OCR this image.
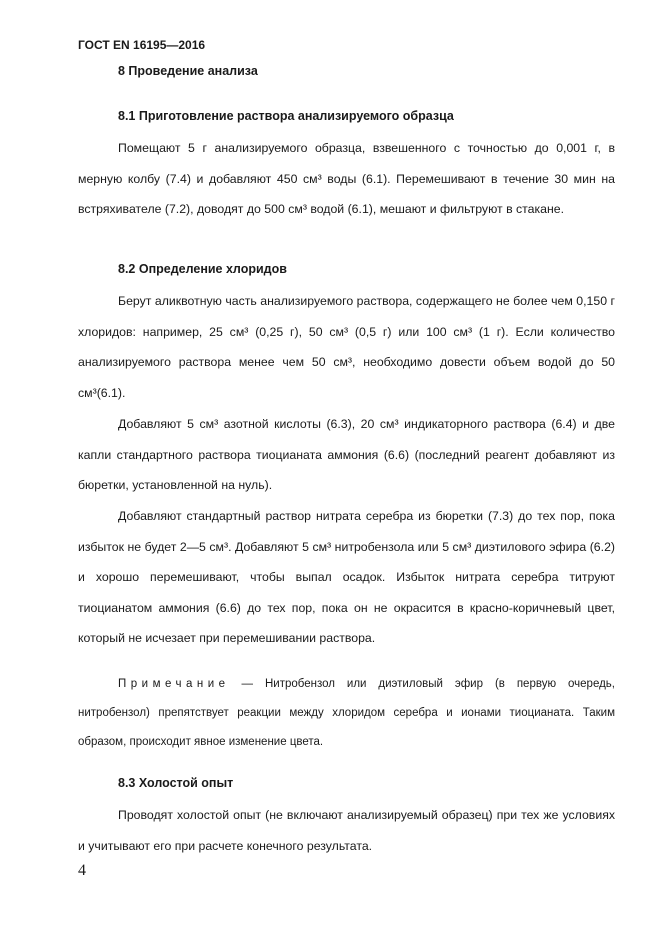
ГОСТ EN 16195—2016
8 Проведение анализа
8.1 Приготовление раствора анализируемого образца

Помещают 5 г анализируемого образца, взвешенного с точностью до 0,001 г, в мерную колбу (7.4) и добавляют 450 см³ воды (6.1). Перемешивают в течение 30 мин на встряхивателе (7.2), доводят до 500 см³ водой (6.1), мешают и фильтруют в стакане.

8.2 Определение хлоридов

Берут аликвотную часть анализируемого раствора, содержащего не более чем 0,150 г хлоридов: например, 25 см³ (0,25 г), 50 см³ (0,5 г) или 100 см³ (1 г). Если количество анализируемого раствора менее чем 50 см³, необходимо довести объем водой до 50 см³(6.1).

Добавляют 5 см³ азотной кислоты (6.3), 20 см³ индикаторного раствора (6.4) и две капли стандартного раствора тиоцианата аммония (6.6) (последний реагент добавляют из бюретки, установленной на нуль).

Добавляют стандартный раствор нитрата серебра из бюретки (7.3) до тех пор, пока избыток не будет 2—5 см³. Добавляют 5 см³ нитробензола или 5 см³ диэтилового эфира (6.2) и хорошо перемешивают, чтобы выпал осадок. Избыток нитрата серебра титруют тиоцианатом аммония (6.6) до тех пор, пока он не окрасится в красно-коричневый цвет, который не исчезает при перемешивании раствора.

Примечание — Нитробензол или диэтиловый эфир (в первую очередь, нитробензол) препятствует реакции между хлоридом серебра и ионами тиоцианата. Таким образом, происходит явное изменение цвета.

8.3 Холостой опыт

Проводят холостой опыт (не включают анализируемый образец) при тех же условиях и учитывают его при расчете конечного результата.

4
